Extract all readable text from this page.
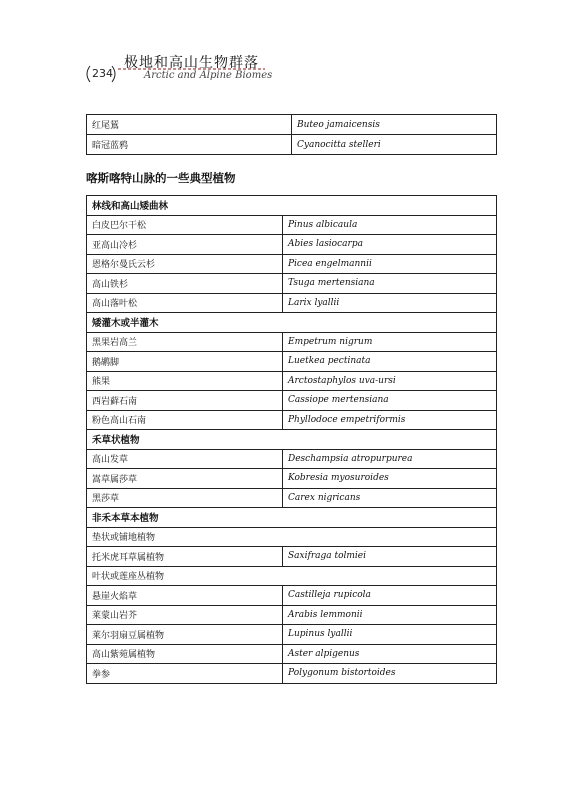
234
极地和高山生物群落
Arctic and Alpine Biomes
红尾鵟	Buteo jamaicensis
暗冠蓝鸦	Cyanocitta stelleri
喀斯喀特山脉的一些典型植物
林线和高山矮曲林	
白皮巴尔干松	Pinus albicaula
亚高山冷杉	Abies lasiocarpa
恩格尔曼氏云杉	Picea engelmannii
高山铁杉	Tsuga mertensiana
高山落叶松	Larix lyallii
矮灌木或半灌木	
黑果岩高兰	Empetrum nigrum
鹅鹕脚	Luetkea pectinata
熊果	Arctostaphylos uva-ursi
西岩藓石南	Cassiope mertensiana
粉色高山石南	Phyllodoce empetriformis
禾草状植物	
高山发草	Deschampsia atropurpurea
嵩草属莎草	Kobresia myosuroides
黑莎草	Carex nigricans
非禾本草本植物	
垫状或铺地植物	
托米虎耳草属植物	Saxifraga tolmiei
叶状或莲座丛植物	
悬崖火焰草	Castilleja rupicola
莱蒙山岩芥	Arabis lemmonii
莱尔羽扇豆属植物	Lupinus lyallii
高山紫菀属植物	Aster alpigenus
拳参	Polygonum bistortoides
